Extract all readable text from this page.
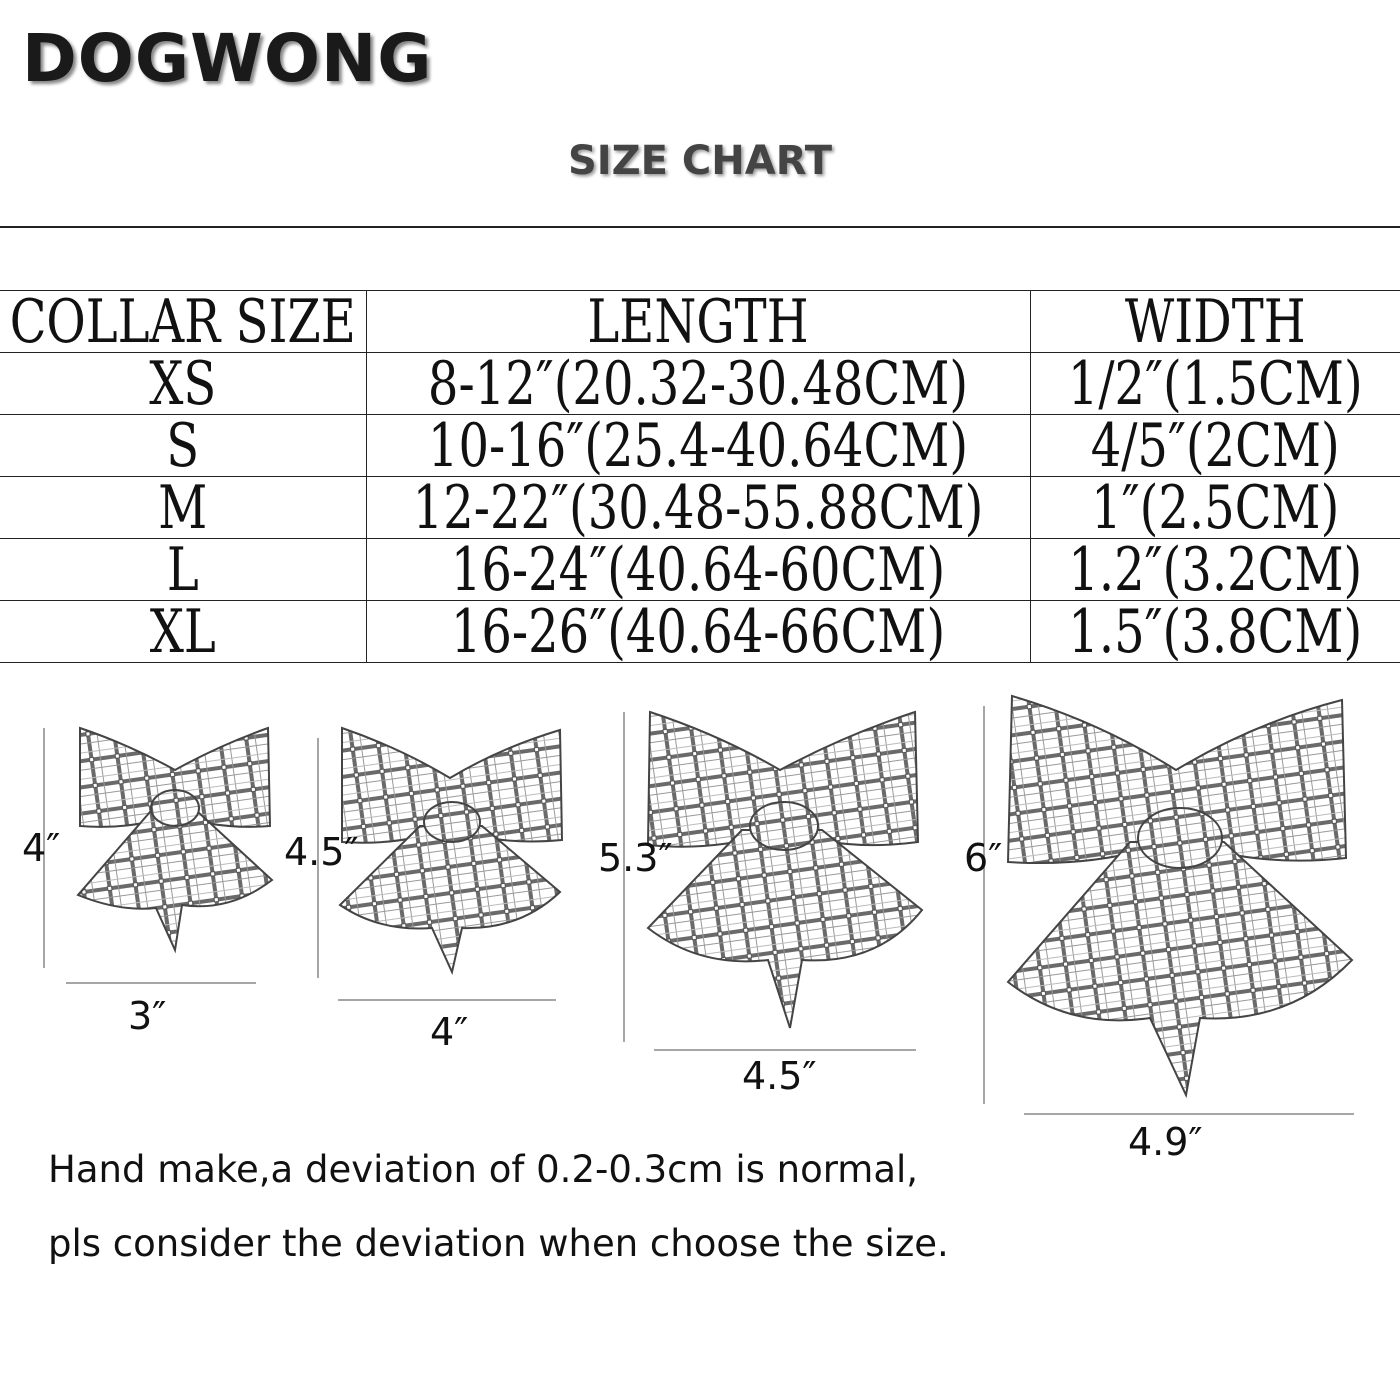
DOGWONG
SIZE CHART
COLLAR SIZE	LENGTH	WIDTH
XS	8-12″(20.32-30.48CM)	1/2″(1.5CM)
S	10-16″(25.4-40.64CM)	4/5″(2CM)
M	12-22″(30.48-55.88CM)	1″(2.5CM)
L	16-24″(40.64-60CM)	1.2″(3.2CM)
XL	16-26″(40.64-66CM)	1.5″(3.8CM)
4″
3″
4.5″
4″
5.3″
4.5″
6″
4.9″
Hand make,a deviation of 0.2-0.3cm is normal,
pls consider the deviation when choose the size.
